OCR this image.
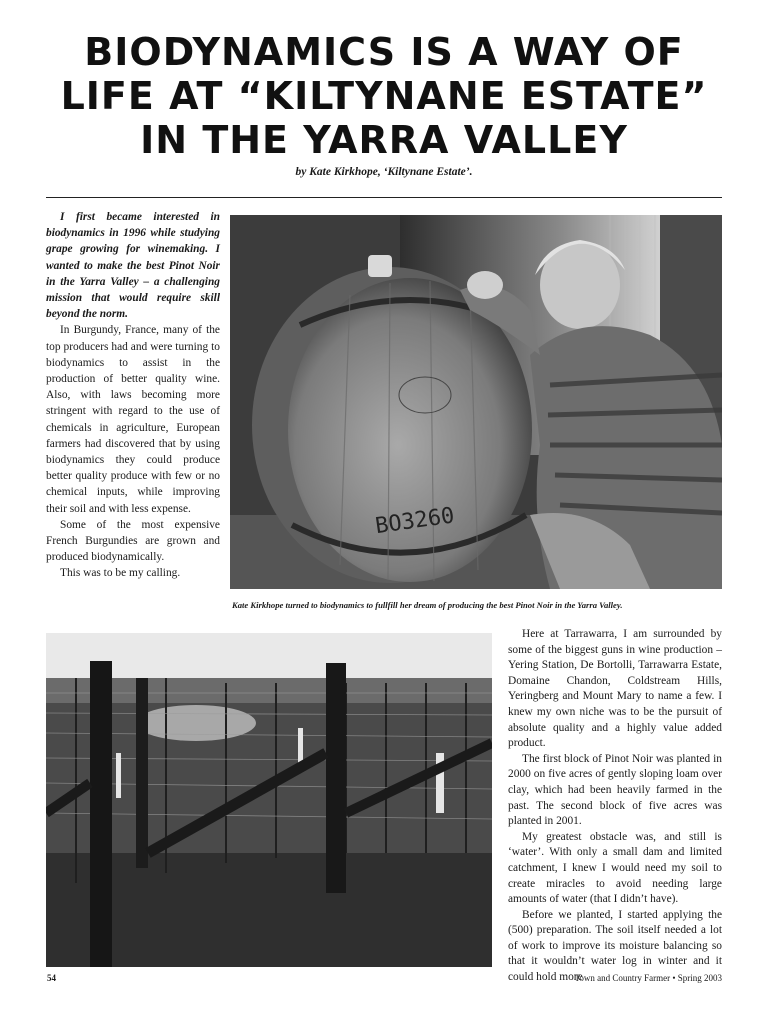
BIODYNAMICS IS A WAY OF
LIFE AT “KILTYNANE ESTATE”
IN THE YARRA VALLEY
by Kate Kirkhope, ‘Kiltynane Estate’.

I first became interested in biodynamics in 1996 while studying grape growing for winemaking. I wanted to make the best Pinot Noir in the Yarra Valley – a challenging mission that would require skill beyond the norm.

In Burgundy, France, many of the top producers had and were turning to biodynamics to assist in the production of better quality wine. Also, with laws becoming more stringent with regard to the use of chemicals in agriculture, European farmers had discovered that by using biodynamics they could produce better quality produce with few or no chemical inputs, while improving their soil and with less expense.

Some of the most expensive French Burgundies are grown and produced biodynamically.

This was to be my calling.

BO3260
Kate Kirkhope turned to biodynamics to fullfill her dream of producing the best Pinot Noir in the Yarra Valley.

Here at Tarrawarra, I am surrounded by some of the biggest guns in wine production – Yering Station, De Bortolli, Tarrawarra Estate, Domaine Chandon, Coldstream Hills, Yeringberg and Mount Mary to name a few. I knew my own niche was to be the pursuit of absolute quality and a highly value added product.

The first block of Pinot Noir was planted in 2000 on five acres of gently sloping loam over clay, which had been heavily farmed in the past. The second block of five acres was planted in 2001.

My greatest obstacle was, and still is ‘water’. With only a small dam and limited catchment, I knew I would need my soil to create miracles to avoid needing large amounts of water (that I didn’t have).

Before we planted, I started applying the (500) preparation. The soil itself needed a lot of work to improve its moisture balancing so that it wouldn’t water log in winter and it could hold more

54	Town and Country Farmer • Spring 2003
